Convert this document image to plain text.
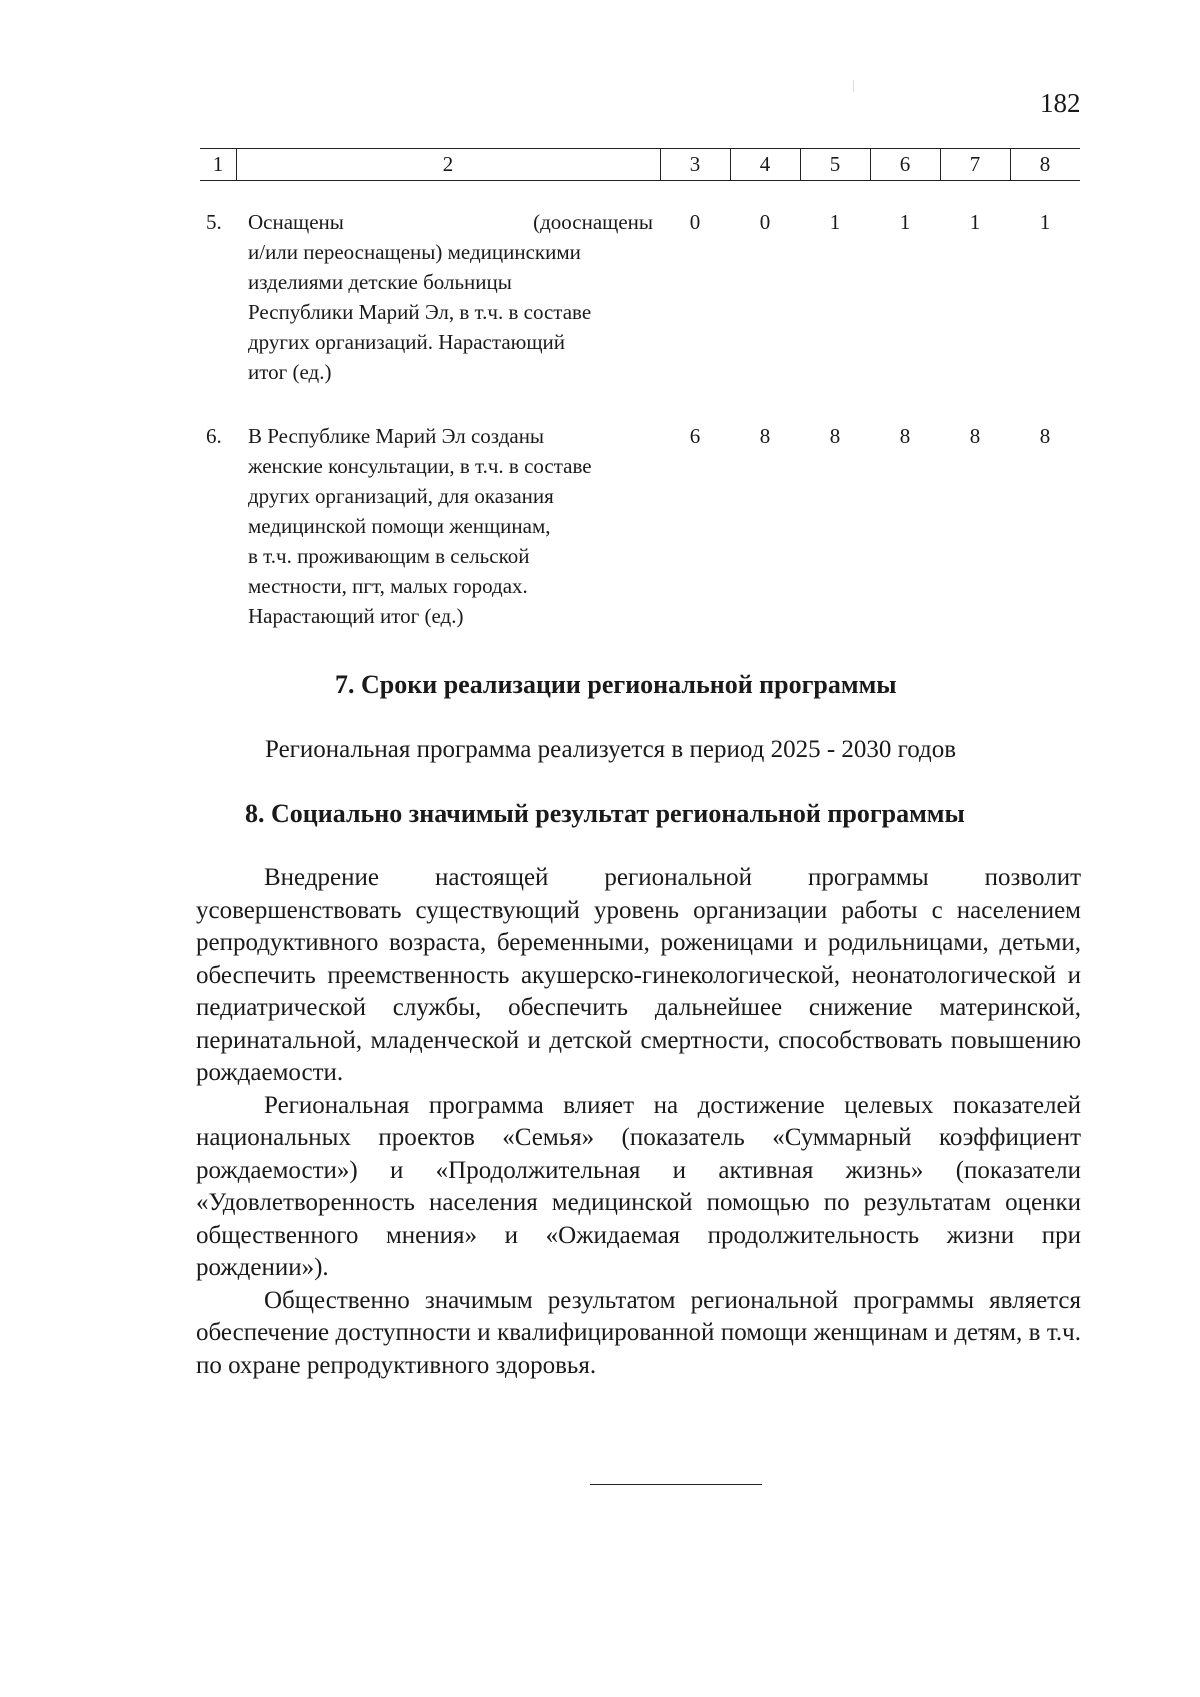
182
1	2	3	4	5	6	7	8
5. Оснащены	(дооснащены
и/или переоснащены) медицинскими
изделиями детские больницы
Республики Марий Эл, в т.ч. в составе
других организаций. Нарастающий
итог (ед.)
0	0	1	1	1	1
6. В Республике Марий Эл созданы
женские консультации, в т.ч. в составе
других организаций, для оказания
медицинской помощи женщинам,
в т.ч. проживающим в сельской
местности, пгт, малых городах.
Нарастающий итог (ед.)
6	8	8	8	8	8
7. Сроки реализации региональной программы
Региональная программа реализуется в период 2025 - 2030 годов
8. Социально значимый результат региональной программы

Внедрение настоящей региональной программы позволит усовершенствовать существующий уровень организации работы с населением репродуктивного возраста, беременными, роженицами и родильницами, детьми, обеспечить преемственность акушерско-гинекологической, неонатологической и педиатрической службы, обеспечить дальнейшее снижение материнской, перинатальной, младенческой и детской смертности, способствовать повышению рождаемости.

Региональная программа влияет на достижение целевых показателей национальных проектов «Семья» (показатель «Суммарный коэффициент рождаемости») и «Продолжительная и активная жизнь» (показатели «Удовлетворенность населения медицинской помощью по результатам оценки общественного мнения» и «Ожидаемая продолжительность жизни при рождении»).

Общественно значимым результатом региональной программы является обеспечение доступности и квалифицированной помощи женщинам и детям, в т.ч. по охране репродуктивного здоровья.
